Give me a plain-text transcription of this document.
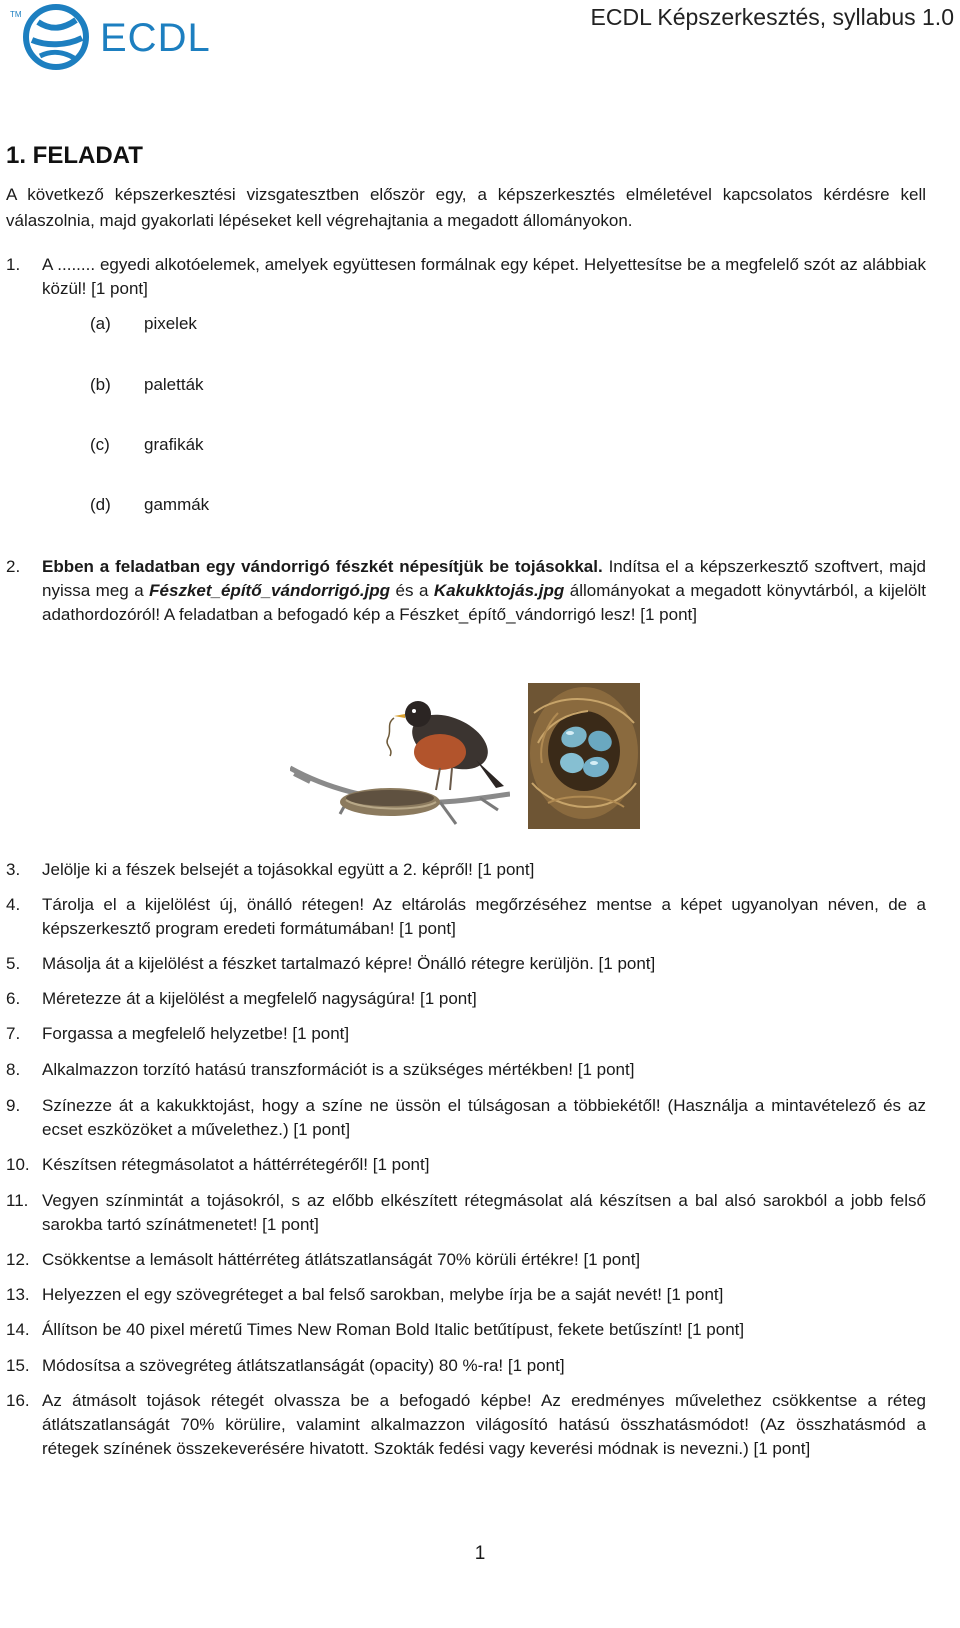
TM
ECDL	ECDL Képszerkesztés, syllabus 1.0
1. FELADAT
A következő képszerkesztési vizsgatesztben először egy, a képszerkesztés elméletével kapcsolatos kérdésre kell válaszolnia, majd gyakorlati lépéseket kell végrehajtania a megadott állományokon.
1.	A ........ egyedi alkotóelemek, amelyek együttesen formálnak egy képet. Helyettesítse be a megfelelő szót az alábbiak közül! [1 pont]
(a) pixelek
(b) paletták
(c) grafikák
(d) gammák
2.	Ebben a feladatban egy vándorrigó fészkét népesítjük be tojásokkal. Indítsa el a képszerkesztő szoftvert, majd nyissa meg a Fészket_építő_vándorrigó.jpg és a Kakukktojás.jpg állományokat a megadott könyvtárból, a kijelölt adathordozóról! A feladatban a befogadó kép a Fészket_építő_vándorrigó lesz! [1 pont]
3.	Jelölje ki a fészek belsejét a tojásokkal együtt a 2. képről! [1 pont]
4.	Tárolja el a kijelölést új, önálló rétegen! Az eltárolás megőrzéséhez mentse a képet ugyanolyan néven, de a képszerkesztő program eredeti formátumában! [1 pont]
5.	Másolja át a kijelölést a fészket tartalmazó képre! Önálló rétegre kerüljön. [1 pont]
6.	Méretezze át a kijelölést a megfelelő nagyságúra! [1 pont]
7.	Forgassa a megfelelő helyzetbe! [1 pont]
8.	Alkalmazzon torzító hatású transzformációt is a szükséges mértékben! [1 pont]
9.	Színezze át a kakukktojást, hogy a színe ne üssön el túlságosan a többiekétől! (Használja a mintavételező és az ecset eszközöket a művelethez.) [1 pont]
10. Készítsen rétegmásolatot a háttérrétegéről! [1 pont]
11. Vegyen színmintát a tojásokról, s az előbb elkészített rétegmásolat alá készítsen a bal alsó sarokból a jobb felső sarokba tartó színátmenetet! [1 pont]
12. Csökkentse a lemásolt háttérréteg átlátszatlanságát 70% körüli értékre! [1 pont]
13. Helyezzen el egy szövegréteget a bal felső sarokban, melybe írja be a saját nevét! [1 pont]
14. Állítson be 40 pixel méretű Times New Roman Bold Italic betűtípust, fekete betűszínt! [1 pont]
15. Módosítsa a szövegréteg átlátszatlanságát (opacity) 80 %-ra! [1 pont]
16. Az átmásolt tojások rétegét olvassza be a befogadó képbe! Az eredményes művelethez csökkentse a réteg átlátszatlanságát 70% körülire, valamint alkalmazzon világosító hatású összhatásmódot! (Az összhatásmód a rétegek színének összekeverésére hivatott. Szokták fedési vagy keverési módnak is nevezni.) [1 pont]
1
